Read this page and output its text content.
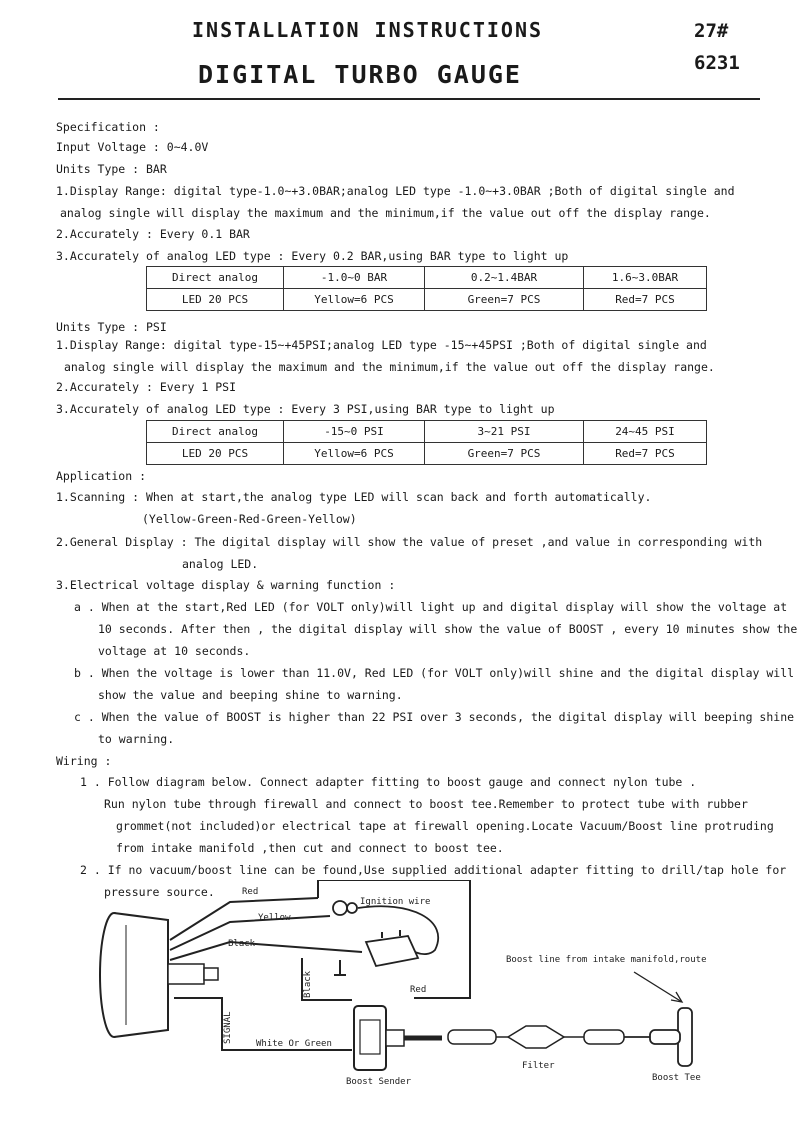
INSTALLATION INSTRUCTIONS
DIGITAL TURBO GAUGE
27#
6231
Specification :
Input Voltage : 0~4.0V
Units Type : BAR
1.Display Range: digital type-1.0~+3.0BAR;analog LED type -1.0~+3.0BAR ;Both of digital single and
analog single will display the maximum and the minimum,if the value out off the display range.
2.Accurately : Every 0.1 BAR
3.Accurately of analog LED type : Every 0.2 BAR,using BAR type to light up
Direct analog	-1.0~0 BAR	0.2~1.4BAR	1.6~3.0BAR
LED 20 PCS	Yellow=6 PCS	Green=7 PCS	Red=7 PCS
Units Type : PSI
1.Display Range: digital type-15~+45PSI;analog LED type -15~+45PSI ;Both of digital single and
analog single will display the maximum and the minimum,if the value out off the display range.
2.Accurately : Every 1 PSI
3.Accurately of analog LED type : Every 3 PSI,using BAR type to light up
Direct analog	-15~0 PSI	3~21 PSI	24~45 PSI
LED 20 PCS	Yellow=6 PCS	Green=7 PCS	Red=7 PCS
Application :
1.Scanning : When at start,the analog type LED will scan back and forth automatically.
(Yellow-Green-Red-Green-Yellow)
2.General Display : The digital display will show the value of preset ,and value in corresponding with
analog LED.
3.Electrical voltage display & warning function :
a . When at the start,Red LED (for VOLT only)will light up and digital display will show the voltage at
10 seconds. After then , the digital display will show the value of BOOST , every 10 minutes show the
voltage at 10 seconds.
b . When the voltage is lower than 11.0V, Red LED (for VOLT only)will shine and the digital display will
show the value and beeping shine to warning.
c . When the value of BOOST is higher than 22 PSI over 3 seconds, the digital display will beeping shine
to warning.
Wiring :
1 . Follow diagram below. Connect adapter fitting to boost gauge and connect nylon tube .
Run nylon tube through firewall and connect to boost tee.Remember to protect tube with rubber
grommet(not included)or electrical tape at firewall opening.Locate Vacuum/Boost line protruding
from intake manifold ,then cut and connect to boost tee.
2 . If no vacuum/boost line can be found,Use supplied additional adapter fitting to drill/tap hole for
pressure source.	Red
Yellow
Black
Ignition wire
Red
Black
SIGNAL	White Or Green
Boost Sender
Filter
Boost Tee
Boost line from intake manifold,route
